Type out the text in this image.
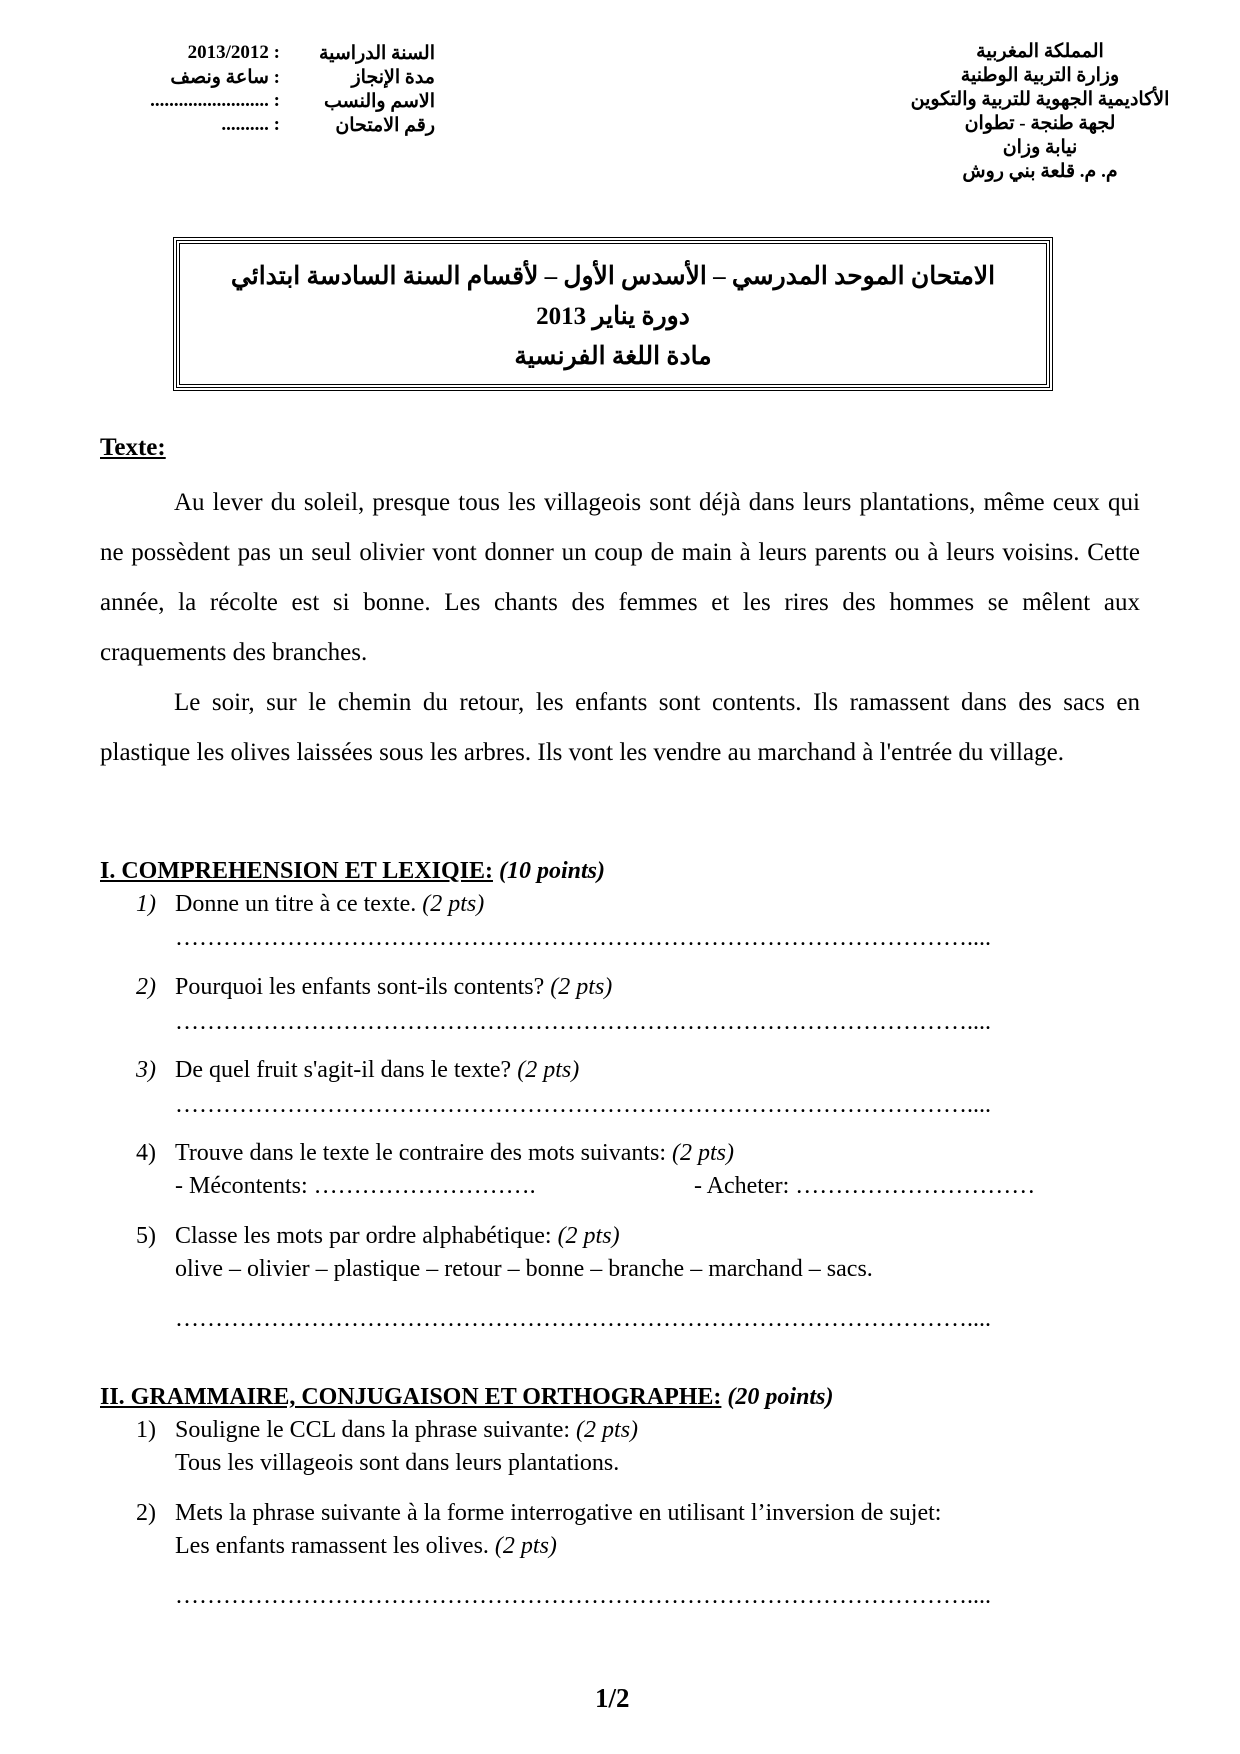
المملكة المغربية
وزارة التربية الوطنية
الأكاديمية الجهوية للتربية والتكوين
لجهة طنجة - تطوان
نيابة وزان
م. م. قلعة بني روش
السنة الدراسية
: 2013/2012
مدة الإنجاز
: ساعة ونصف
الاسم والنسب
: .........................
رقم الامتحان
: ..........
الامتحان الموحد المدرسي – الأسدس الأول – لأقسام السنة السادسة ابتدائي
دورة يناير 2013
مادة اللغة الفرنسية
Texte:
Au lever du soleil, presque tous les villageois sont déjà dans leurs plantations, même ceux qui ne possèdent pas un seul olivier vont donner un coup de main à leurs parents ou à leurs voisins. Cette année, la récolte est si bonne. Les chants des femmes et les rires des hommes se mêlent aux craquements des branches.
Le soir, sur le chemin du retour, les enfants sont contents. Ils ramassent dans des sacs en plastique les olives laissées sous les arbres. Ils vont les vendre au marchand à l'entrée du village.
I. COMPREHENSION ET LEXIQIE: (10 points)
1) Donne un titre à ce texte. (2 pts)
………………………………………………………………………………………....
2) Pourquoi les enfants sont-ils contents? (2 pts)
………………………………………………………………………………………....
3) De quel fruit s'agit-il dans le texte? (2 pts)
………………………………………………………………………………………....
4) Trouve dans le texte le contraire des mots suivants: (2 pts)
- Mécontents: ……………………….	- Acheter: …………………………
5) Classe les mots par ordre alphabétique: (2 pts)
olive – olivier – plastique – retour – bonne – branche – marchand – sacs.
………………………………………………………………………………………....
II. GRAMMAIRE, CONJUGAISON ET ORTHOGRAPHE: (20 points)
1) Souligne le CCL dans la phrase suivante: (2 pts)
Tous les villageois sont dans leurs plantations.
2) Mets la phrase suivante à la forme interrogative en utilisant l’inversion de sujet:
Les enfants ramassent les olives. (2 pts)
………………………………………………………………………………………....
1/2
